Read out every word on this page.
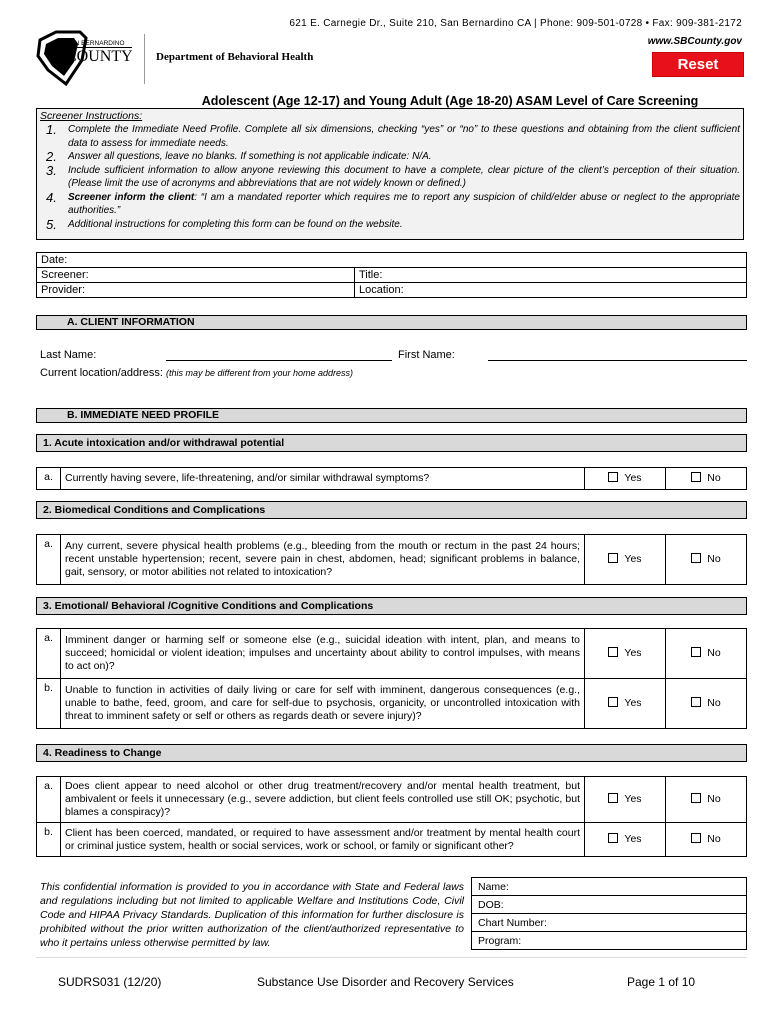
621 E. Carnegie Dr., Suite 210, San Bernardino CA | Phone: 909-501-0728 • Fax: 909-381-2172
www.SBCounty.gov
SAN BERNARDINO
COUNTY Department of Behavioral Health	Reset
Adolescent (Age 12-17) and Young Adult (Age 18-20) ASAM Level of Care Screening
Screener Instructions:
1.	Complete the Immediate Need Profile. Complete all six dimensions, checking “yes” or “no” to these questions and obtaining from the client sufficient data to assess for immediate needs.
2.	Answer all questions, leave no blanks. If something is not applicable indicate: N/A.
3.	Include sufficient information to allow anyone reviewing this document to have a complete, clear picture of the client’s perception of their situation. (Please limit the use of acronyms and abbreviations that are not widely known or defined.)
4.	Screener inform the client: “I am a mandated reporter which requires me to report any suspicion of child/elder abuse or neglect to the appropriate authorities.”
5.	Additional instructions for completing this form can be found on the website.
Date:	
Screener:	Title:
Provider:	Location:
A. CLIENT INFORMATION
Last Name:	First Name:
Current location/address: (this may be different from your home address)
B. IMMEDIATE NEED PROFILE
1. Acute intoxication and/or withdrawal potential
a.	Currently having severe, life-threatening, and/or similar withdrawal symptoms?	Yes	No
2. Biomedical Conditions and Complications
a.	Any current, severe physical health problems (e.g., bleeding from the mouth or rectum in the past 24 hours; recent unstable hypertension; recent, severe pain in chest, abdomen, head; significant problems in balance, gait, sensory, or motor abilities not related to intoxication?	Yes	No
3. Emotional/ Behavioral /Cognitive Conditions and Complications
a.	Imminent danger or harming self or someone else (e.g., suicidal ideation with intent, plan, and means to succeed; homicidal or violent ideation; impulses and uncertainty about ability to control impulses, with means to act on)?	Yes	No
b.	Unable to function in activities of daily living or care for self with imminent, dangerous consequences (e.g., unable to bathe, feed, groom, and care for self-due to psychosis, organicity, or uncontrolled intoxication with threat to imminent safety or self or others as regards death or severe injury)?	Yes	No
4. Readiness to Change
a.	Does client appear to need alcohol or other drug treatment/recovery and/or mental health treatment, but ambivalent or feels it unnecessary (e.g., severe addiction, but client feels controlled use still OK; psychotic, but blames a conspiracy)?	Yes	No
b.	Client has been coerced, mandated, or required to have assessment and/or treatment by mental health court or criminal justice system, health or social services, work or school, or family or significant other?	Yes	No
This confidential information is provided to you in accordance with State and Federal laws and regulations including but not limited to applicable Welfare and Institutions Code, Civil Code and HIPAA Privacy Standards. Duplication of this information for further disclosure is prohibited without the prior written authorization of the client/authorized representative to who it pertains unless otherwise permitted by law.
Name:
DOB:
Chart Number:
Program:
SUDRS031 (12/20)	Substance Use Disorder and Recovery Services	Page 1 of 10
